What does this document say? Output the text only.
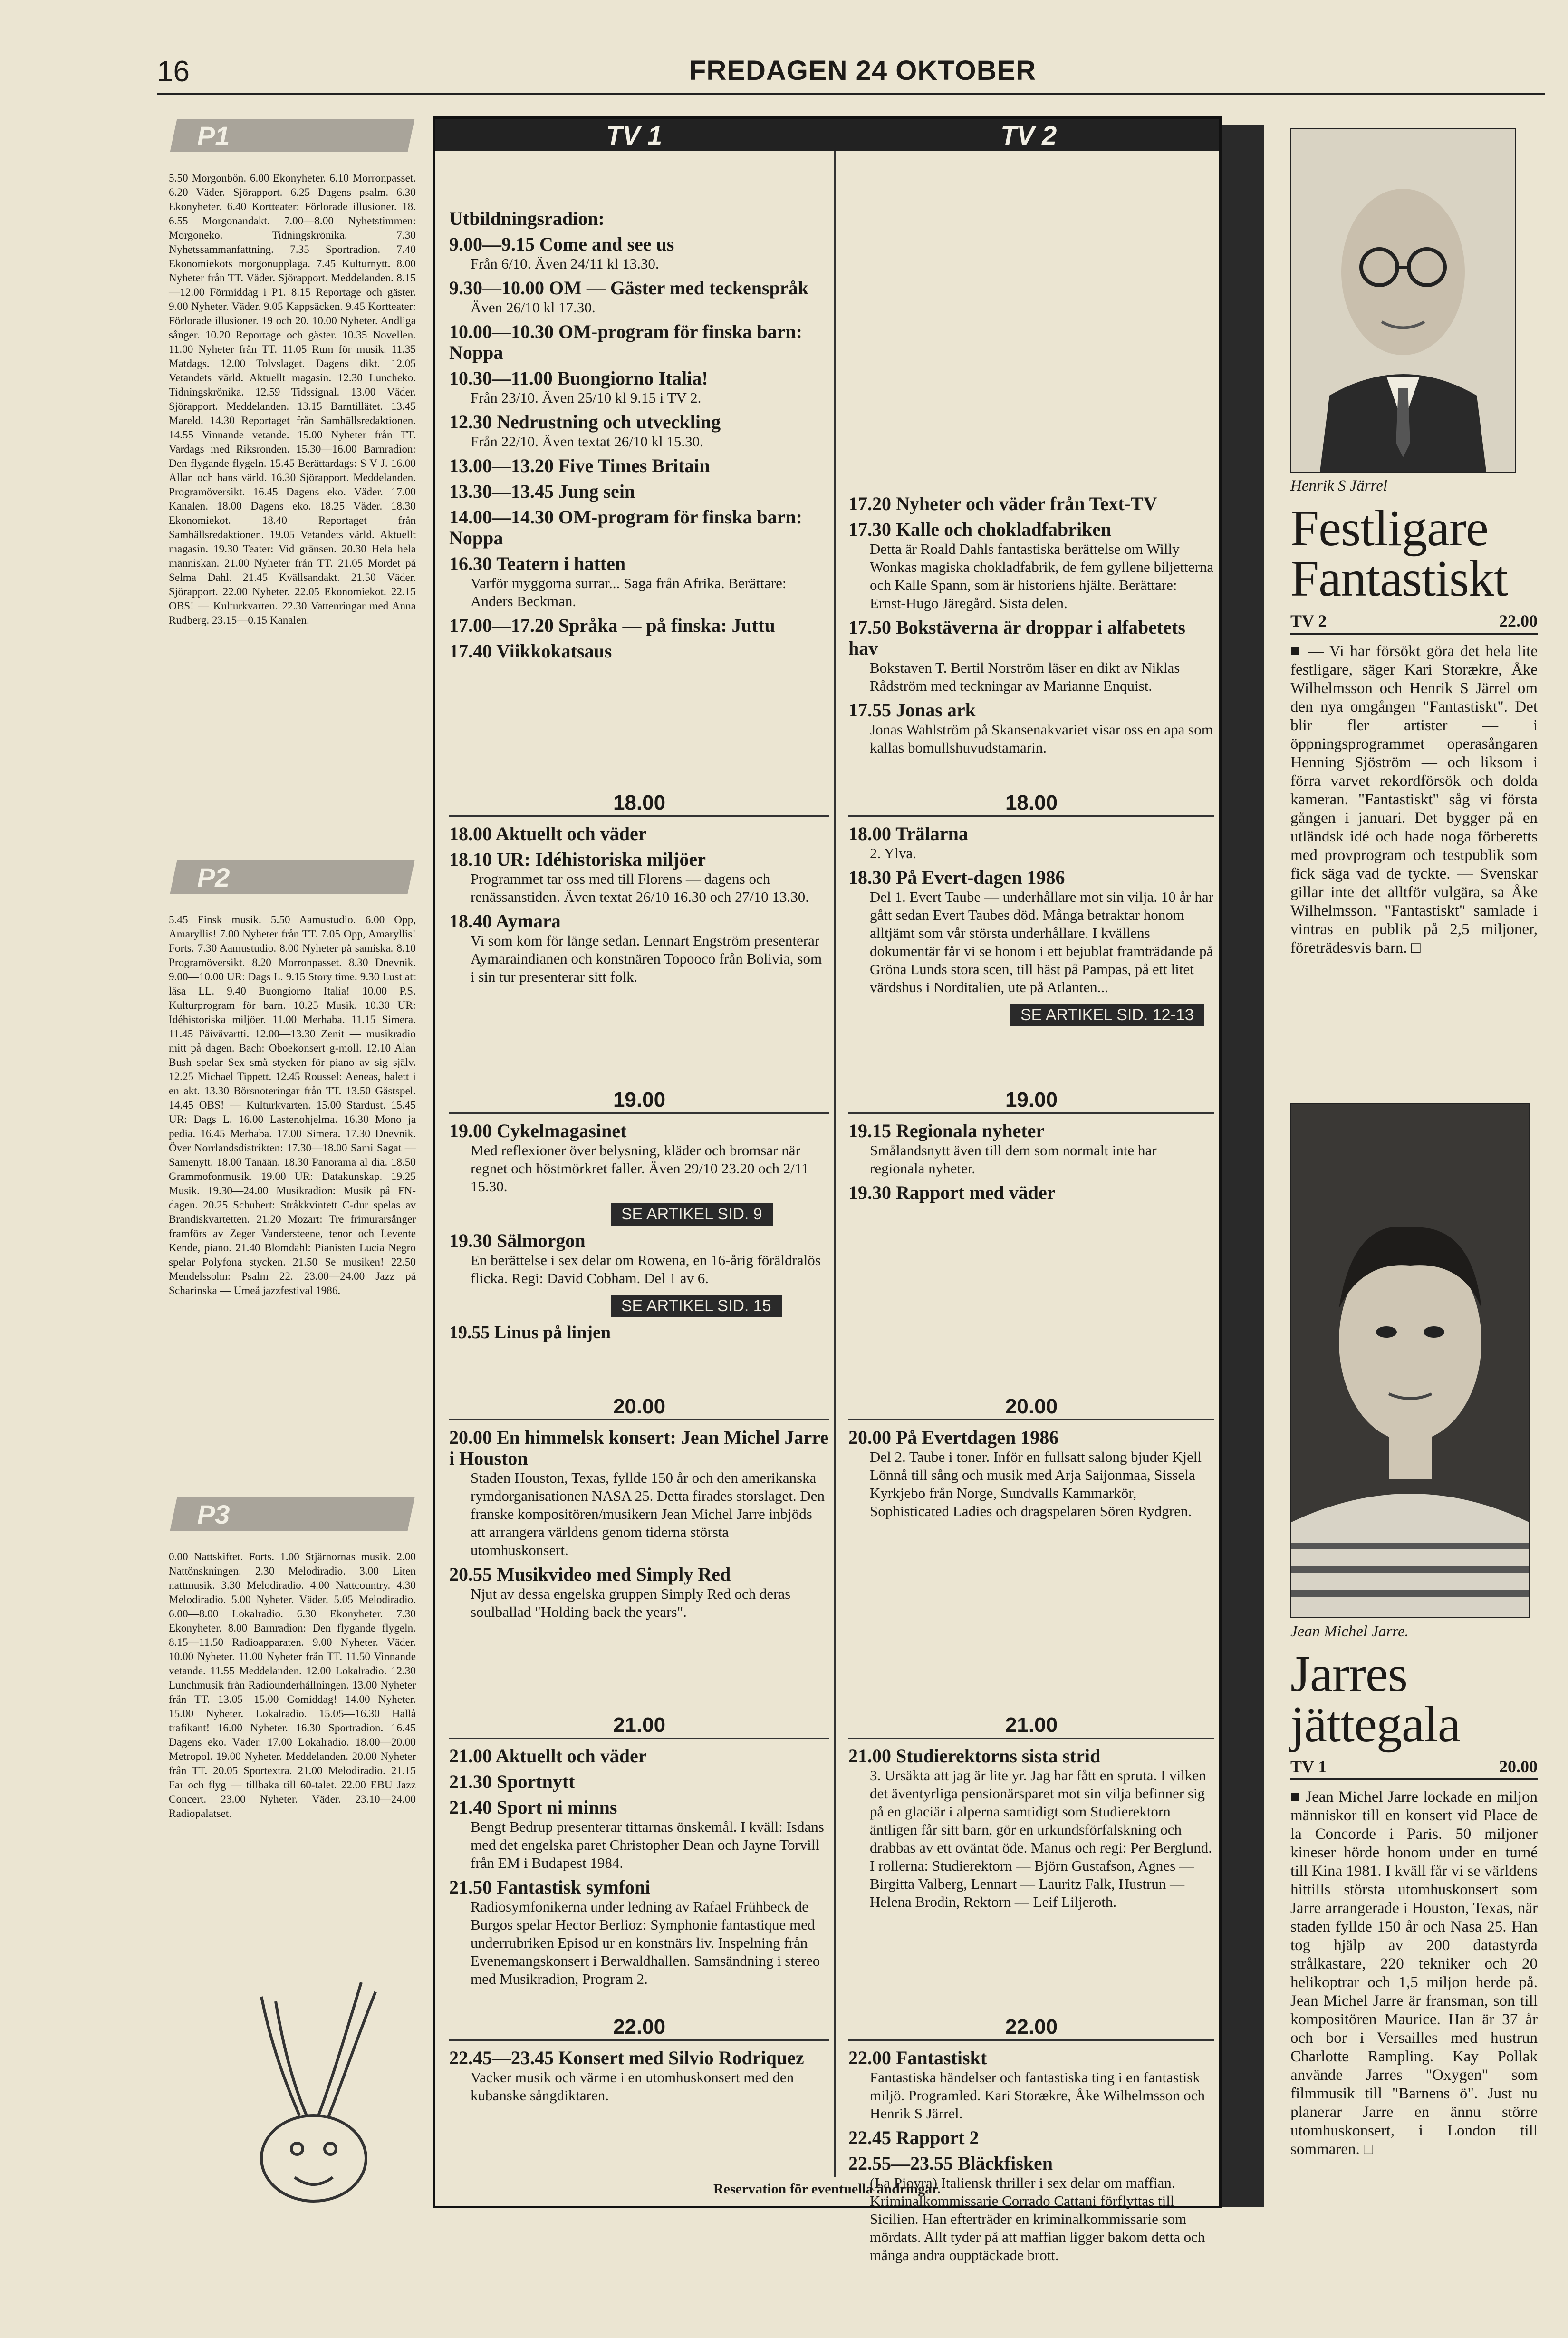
16	FREDAGEN 24 OKTOBER
P1
5.50 Morgonbön. 6.00 Ekonyheter. 6.10 Morronpasset. 6.20 Väder. Sjörapport. 6.25 Dagens psalm. 6.30 Ekonyheter. 6.40 Kortteater: Förlorade illusioner. 18. 6.55 Morgonandakt. 7.00—8.00 Nyhetstimmen: Morgoneko. Tidningskrönika. 7.30 Nyhetssammanfattning. 7.35 Sportradion. 7.40 Ekonomiekots morgonupplaga. 7.45 Kulturnytt. 8.00 Nyheter från TT. Väder. Sjörapport. Meddelanden. 8.15—12.00 Förmiddag i P1. 8.15 Reportage och gäster. 9.00 Nyheter. Väder. 9.05 Kappsäcken. 9.45 Kortteater: Förlorade illusioner. 19 och 20. 10.00 Nyheter. Andliga sånger. 10.20 Reportage och gäster. 10.35 Novellen. 11.00 Nyheter från TT. 11.05 Rum för musik. 11.35 Matdags. 12.00 Tolvslaget. Dagens dikt. 12.05 Vetandets värld. Aktuellt magasin. 12.30 Luncheko. Tidningskrönika. 12.59 Tidssignal. 13.00 Väder. Sjörapport. Meddelanden. 13.15 Barntillätet. 13.45 Mareld. 14.30 Reportaget från Samhällsredaktionen. 14.55 Vinnande vetande. 15.00 Nyheter från TT. Vardags med Riksronden. 15.30—16.00 Barnradion: Den flygande flygeln. 15.45 Berättardags: S V J. 16.00 Allan och hans värld. 16.30 Sjörapport. Meddelanden. Programöversikt. 16.45 Dagens eko. Väder. 17.00 Kanalen. 18.00 Dagens eko. 18.25 Väder. 18.30 Ekonomiekot. 18.40 Reportaget från Samhällsredaktionen. 19.05 Vetandets värld. Aktuellt magasin. 19.30 Teater: Vid gränsen. 20.30 Hela hela människan. 21.00 Nyheter från TT. 21.05 Mordet på Selma Dahl. 21.45 Kvällsandakt. 21.50 Väder. Sjörapport. 22.00 Nyheter. 22.05 Ekonomiekot. 22.15 OBS! — Kulturkvarten. 22.30 Vattenringar med Anna Rudberg. 23.15—0.15 Kanalen.
P2
5.45 Finsk musik. 5.50 Aamustudio. 6.00 Opp, Amaryllis! 7.00 Nyheter från TT. 7.05 Opp, Amaryllis! Forts. 7.30 Aamustudio. 8.00 Nyheter på samiska. 8.10 Programöversikt. 8.20 Morronpasset. 8.30 Dnevnik. 9.00—10.00 UR: Dags L. 9.15 Story time. 9.30 Lust att läsa LL. 9.40 Buongiorno Italia! 10.00 P.S. Kulturprogram för barn. 10.25 Musik. 10.30 UR: Idéhistoriska miljöer. 11.00 Merhaba. 11.15 Simera. 11.45 Päivävartti. 12.00—13.30 Zenit — musikradio mitt på dagen. Bach: Oboekonsert g-moll. 12.10 Alan Bush spelar Sex små stycken för piano av sig själv. 12.25 Michael Tippett. 12.45 Roussel: Aeneas, balett i en akt. 13.30 Börsnoteringar från TT. 13.50 Gästspel. 14.45 OBS! — Kulturkvarten. 15.00 Stardust. 15.45 UR: Dags L. 16.00 Lastenohjelma. 16.30 Mono ja pedia. 16.45 Merhaba. 17.00 Simera. 17.30 Dnevnik. Över Norrlandsdistrikten: 17.30—18.00 Sami Sagat — Samenytt. 18.00 Tänään. 18.30 Panorama al dia. 18.50 Grammofonmusik. 19.00 UR: Datakunskap. 19.25 Musik. 19.30—24.00 Musikradion: Musik på FN-dagen. 20.25 Schubert: Stråkkvintett C-dur spelas av Brandiskvartetten. 21.20 Mozart: Tre frimurarsånger framförs av Zeger Vandersteene, tenor och Levente Kende, piano. 21.40 Blomdahl: Pianisten Lucia Negro spelar Polyfona stycken. 21.50 Se musiken! 22.50 Mendelssohn: Psalm 22. 23.00—24.00 Jazz på Scharinska — Umeå jazzfestival 1986.
P3
0.00 Nattskiftet. Forts. 1.00 Stjärnornas musik. 2.00 Nattönskningen. 2.30 Melodiradio. 3.00 Liten nattmusik. 3.30 Melodiradio. 4.00 Nattcountry. 4.30 Melodiradio. 5.00 Nyheter. Väder. 5.05 Melodiradio. 6.00—8.00 Lokalradio. 6.30 Ekonyheter. 7.30 Ekonyheter. 8.00 Barnradion: Den flygande flygeln. 8.15—11.50 Radioapparaten. 9.00 Nyheter. Väder. 10.00 Nyheter. 11.00 Nyheter från TT. 11.50 Vinnande vetande. 11.55 Meddelanden. 12.00 Lokalradio. 12.30 Lunchmusik från Radiounderhållningen. 13.00 Nyheter från TT. 13.05—15.00 Gomiddag! 14.00 Nyheter. 15.00 Nyheter. Lokalradio. 15.05—16.30 Hallå trafikant! 16.00 Nyheter. 16.30 Sportradion. 16.45 Dagens eko. Väder. 17.00 Lokalradio. 18.00—20.00 Metropol. 19.00 Nyheter. Meddelanden. 20.00 Nyheter från TT. 20.05 Sportextra. 21.00 Melodiradio. 21.15 Far och flyg — tillbaka till 60-talet. 22.00 EBU Jazz Concert. 23.00 Nyheter. Väder. 23.10—24.00 Radiopalatset.
TV 1	TV 2
Utbildningsradion:
9.00—9.15 Come and see us
Från 6/10. Även 24/11 kl 13.30.
9.30—10.00 OM — Gäster med teckenspråk
Även 26/10 kl 17.30.
10.00—10.30 OM-program för finska barn: Noppa
10.30—11.00 Buongiorno Italia!
Från 23/10. Även 25/10 kl 9.15 i TV 2.
12.30 Nedrustning och utveckling
Från 22/10. Även textat 26/10 kl 15.30.
13.00—13.20 Five Times Britain
13.30—13.45 Jung sein
14.00—14.30 OM-program för finska barn: Noppa
16.30 Teatern i hatten
Varför myggorna surrar... Saga från Afrika. Berättare: Anders Beckman.
17.00—17.20 Språka — på finska: Juttu
17.40 Viikkokatsaus
18.00
18.00 Aktuellt och väder
18.10 UR: Idéhistoriska miljöer
Programmet tar oss med till Florens — dagens och renässanstiden. Även textat 26/10 16.30 och 27/10 13.30.
18.40 Aymara
Vi som kom för länge sedan. Lennart Engström presenterar Aymaraindianen och konstnären Topooco från Bolivia, som i sin tur presenterar sitt folk.
19.00
19.00 Cykelmagasinet
Med reflexioner över belysning, kläder och bromsar när regnet och höstmörkret faller. Även 29/10 23.20 och 2/11 15.30.
SE ARTIKEL SID. 9
19.30 Sälmorgon
En berättelse i sex delar om Rowena, en 16-årig föräldralös flicka. Regi: David Cobham. Del 1 av 6.
SE ARTIKEL SID. 15
19.55 Linus på linjen
20.00
20.00 En himmelsk konsert: Jean Michel Jarre i Houston
Staden Houston, Texas, fyllde 150 år och den amerikanska rymdorganisationen NASA 25. Detta firades storslaget. Den franske kompositören/musikern Jean Michel Jarre inbjöds att arrangera världens genom tiderna största utomhuskonsert.
20.55 Musikvideo med Simply Red
Njut av dessa engelska gruppen Simply Red och deras soulballad "Holding back the years".
21.00
21.00 Aktuellt och väder
21.30 Sportnytt
21.40 Sport ni minns
Bengt Bedrup presenterar tittarnas önskemål. I kväll: Isdans med det engelska paret Christopher Dean och Jayne Torvill från EM i Budapest 1984.
21.50 Fantastisk symfoni
Radiosymfonikerna under ledning av Rafael Frühbeck de Burgos spelar Hector Berlioz: Symphonie fantastique med underrubriken Episod ur en konstnärs liv. Inspelning från Evenemangskonsert i Berwaldhallen. Samsändning i stereo med Musikradion, Program 2.
22.00
22.45—23.45 Konsert med Silvio Rodriquez
Vacker musik och värme i en utomhuskonsert med den kubanske sångdiktaren.
17.20 Nyheter och väder från Text-TV
17.30 Kalle och chokladfabriken
Detta är Roald Dahls fantastiska berättelse om Willy Wonkas magiska chokladfabrik, de fem gyllene biljetterna och Kalle Spann, som är historiens hjälte. Berättare: Ernst-Hugo Järegård. Sista delen.
17.50 Bokstäverna är droppar i alfabetets hav
Bokstaven T. Bertil Norström läser en dikt av Niklas Rådström med teckningar av Marianne Enquist.
17.55 Jonas ark
Jonas Wahlström på Skansenakvariet visar oss en apa som kallas bomullshuvudstamarin.
18.00
18.00 Trälarna
2. Ylva.
18.30 På Evert-dagen 1986
Del 1. Evert Taube — underhållare mot sin vilja. 10 år har gått sedan Evert Taubes död. Många betraktar honom alltjämt som vår största underhållare. I kvällens dokumentär får vi se honom i ett bejublat framträdande på Gröna Lunds stora scen, till häst på Pampas, på ett litet värdshus i Norditalien, ute på Atlanten...
SE ARTIKEL SID. 12-13
19.00
19.15 Regionala nyheter
Smålandsnytt även till dem som normalt inte har regionala nyheter.
19.30 Rapport med väder
20.00
20.00 På Evertdagen 1986
Del 2. Taube i toner. Inför en fullsatt salong bjuder Kjell Lönnå till sång och musik med Arja Saijonmaa, Sissela Kyrkjebo från Norge, Sundvalls Kammarkör, Sophisticated Ladies och dragspelaren Sören Rydgren.
21.00
21.00 Studierektorns sista strid
3. Ursäkta att jag är lite yr. Jag har fått en spruta. I vilken det äventyrliga pensionärsparet mot sin vilja befinner sig på en glaciär i alperna samtidigt som Studierektorn äntligen får sitt barn, gör en urkundsförfalskning och drabbas av ett oväntat öde. Manus och regi: Per Berglund. I rollerna: Studierektorn — Björn Gustafson, Agnes — Birgitta Valberg, Lennart — Lauritz Falk, Hustrun — Helena Brodin, Rektorn — Leif Liljeroth.
22.00
22.00 Fantastiskt
Fantastiska händelser och fantastiska ting i en fantastisk miljö. Programled. Kari Storækre, Åke Wilhelmsson och Henrik S Järrel.
22.45 Rapport 2
22.55—23.55 Bläckfisken
(La Piovra) Italiensk thriller i sex delar om maffian. Kriminalkommissarie Corrado Cattani förflyttas till Sicilien. Han efterträder en kriminalkommissarie som mördats. Allt tyder på att maffian ligger bakom detta och många andra oupptäckade brott.
Reservation för eventuella ändringar.
Henrik S Järrel
Festligare
Fantastiskt
TV 2	22.00
■ — Vi har försökt göra det hela lite festligare, säger Kari Storækre, Åke Wilhelmsson och Henrik S Järrel om den nya omgången "Fantastiskt". Det blir fler artister — i öppningsprogrammet operasångaren Henning Sjöström — och liksom i förra varvet rekordförsök och dolda kameran. "Fantastiskt" såg vi första gången i januari. Det bygger på en utländsk idé och hade noga förberetts med provprogram och testpublik som fick säga vad de tyckte. — Svenskar gillar inte det alltför vulgära, sa Åke Wilhelmsson. "Fantastiskt" samlade i vintras en publik på 2,5 miljoner, företrädesvis barn. □
Jean Michel Jarre.
Jarres
jättegala
TV 1	20.00
■ Jean Michel Jarre lockade en miljon människor till en konsert vid Place de la Concorde i Paris. 50 miljoner kineser hörde honom under en turné till Kina 1981. I kväll får vi se världens hittills största utomhuskonsert som Jarre arrangerade i Houston, Texas, när staden fyllde 150 år och Nasa 25. Han tog hjälp av 200 datastyrda strålkastare, 220 tekniker och 20 helikoptrar och 1,5 miljon herde på. Jean Michel Jarre är fransman, son till kompositören Maurice. Han är 37 år och bor i Versailles med hustrun Charlotte Rampling. Kay Pollak använde Jarres "Oxygen" som filmmusik till "Barnens ö". Just nu planerar Jarre en ännu större utomhuskonsert, i London till sommaren. □
